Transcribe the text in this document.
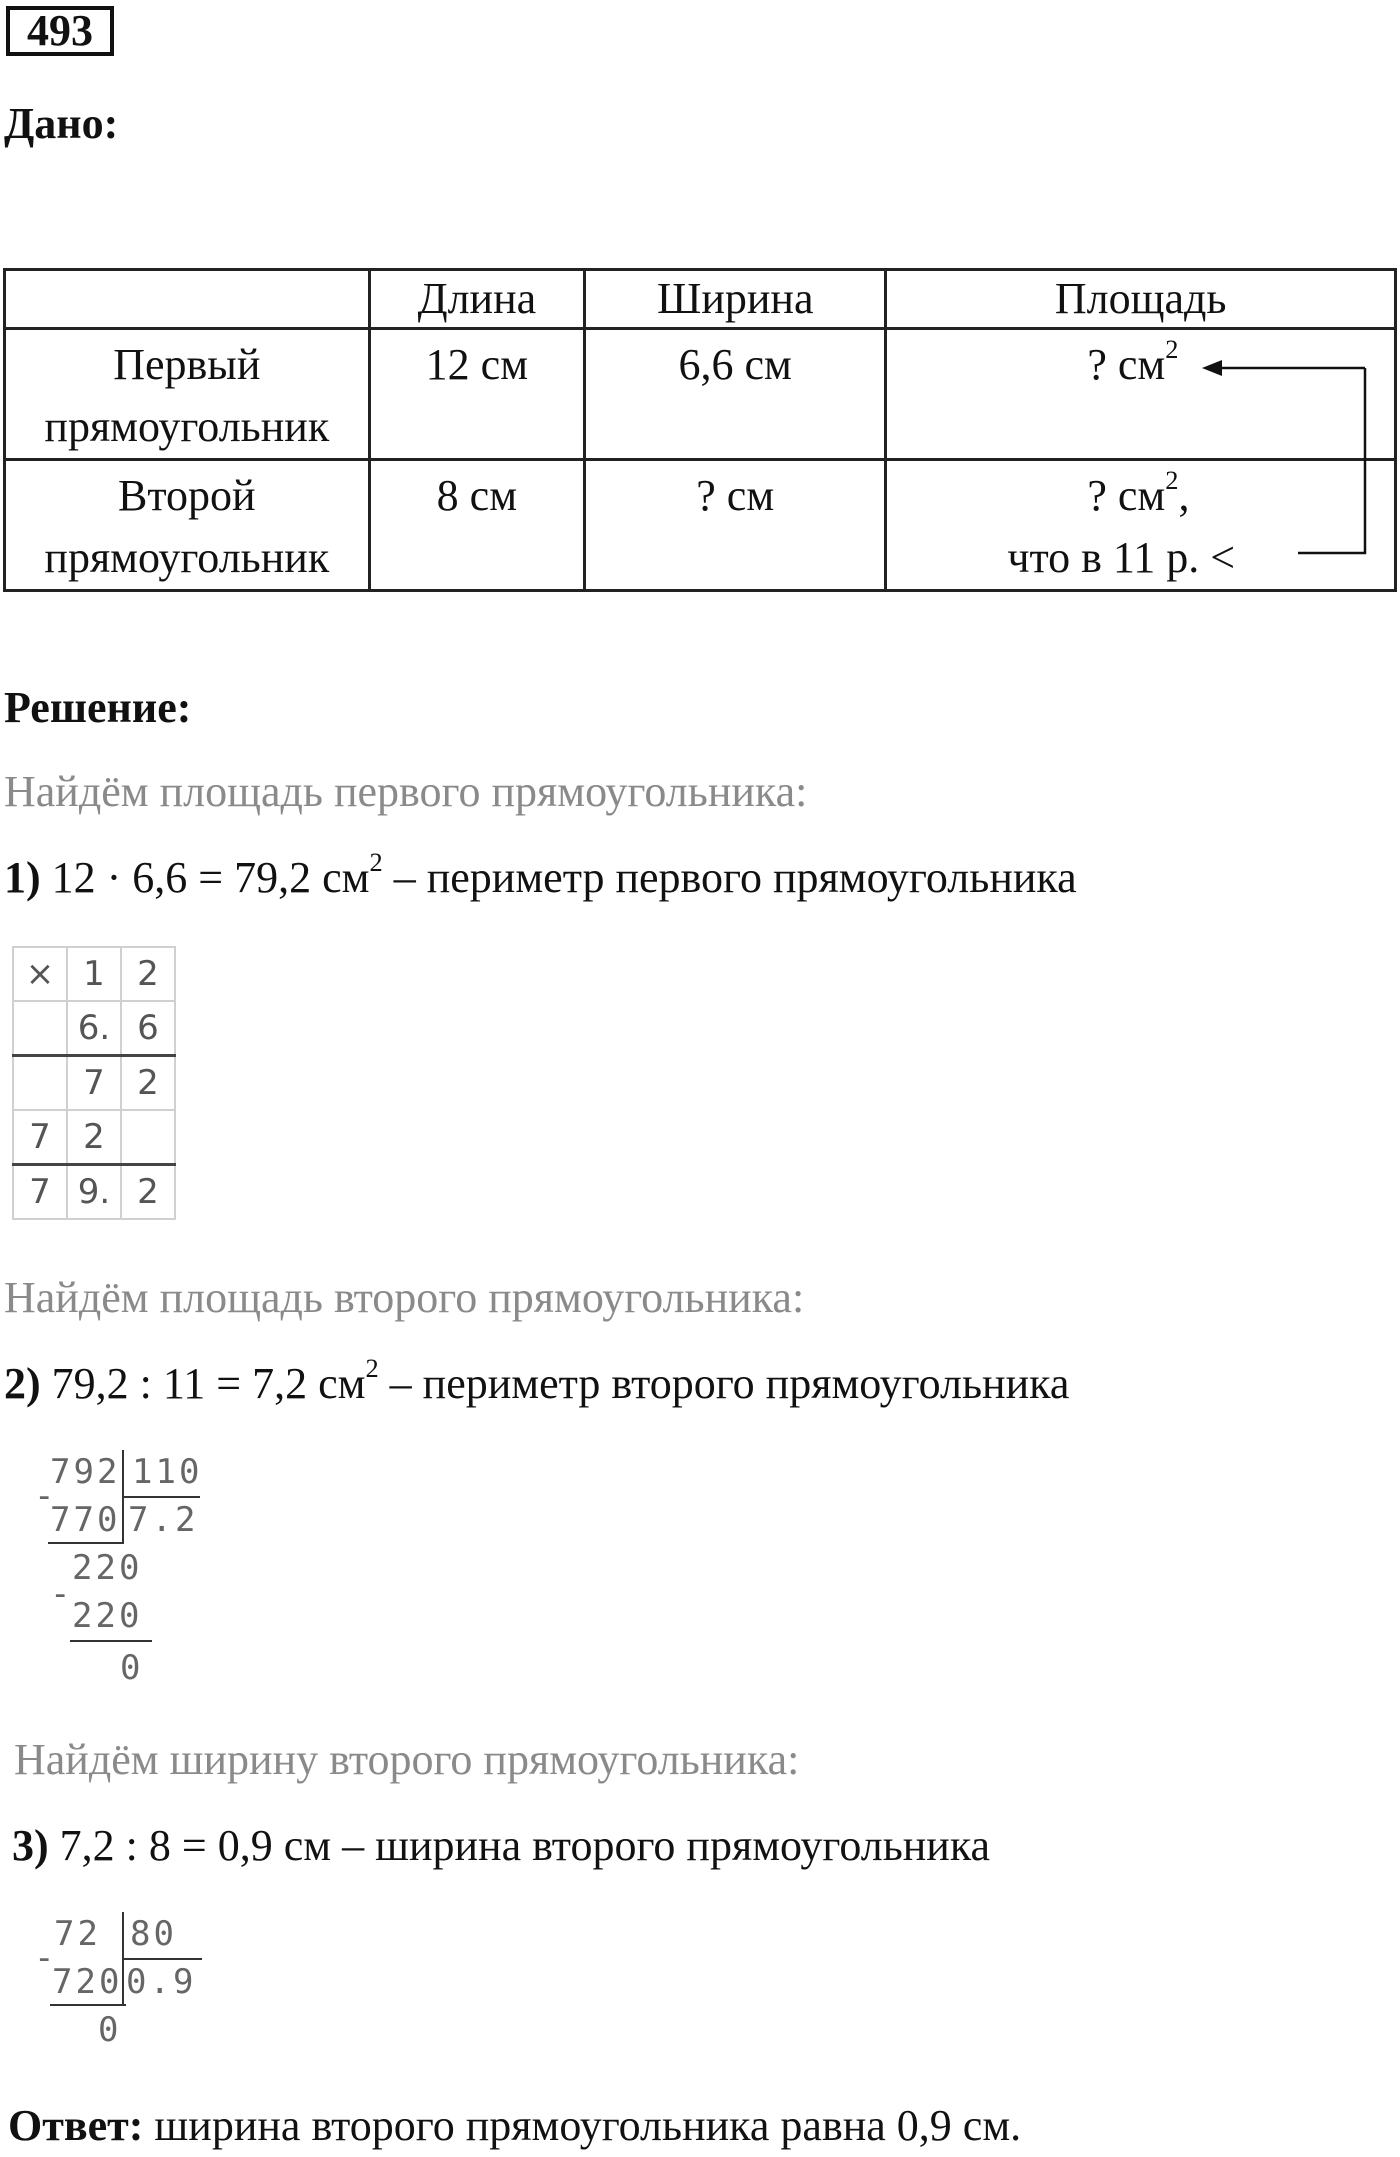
493
Дано:
	Длина	Ширина	Площадь
Первый прямоугольник	12 см	6,6 см	? $см^2$
Второй прямоугольник	8 см	? см	? $см^2$,
что в 11 р. <
Решение:
Найдём площадь первого прямоугольника:
1) 12 · 6,6 = 79,2 $см^2$ – периметр первого прямоугольника
×	1	2
	6.	6
	7	2
7	2	
7	9.	2
Найдём площадь второго прямоугольника:
2) 79,2 : 11 = 7,2 $см^2$ – периметр второго прямоугольника
792 110
-
770 7.2
220
-
220
0
Найдём ширину второго прямоугольника:
3) 7,2 : 8 = 0,9 см – ширина второго прямоугольника
72 80
-
720 0.9
0
Ответ: ширина второго прямоугольника равна 0,9 см.
